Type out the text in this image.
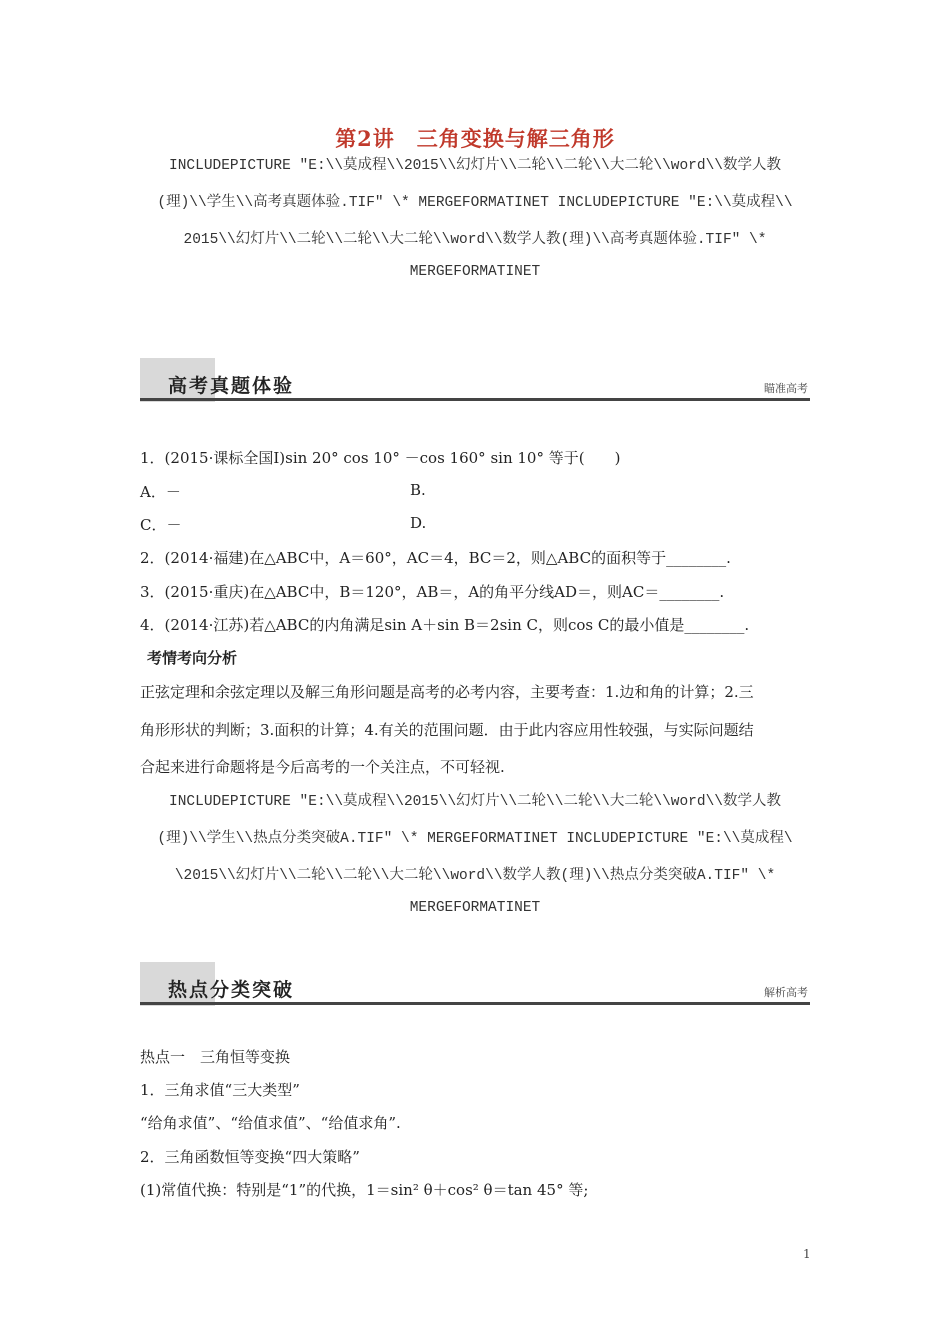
第2讲　三角变换与解三角形
INCLUDEPICTURE "E:\\莫成程\\2015\\幻灯片\\二轮\\二轮\\大二轮\\word\\数学人教
(理)\\学生\\高考真题体验.TIF" \* MERGEFORMATINET INCLUDEPICTURE "E:\\莫成程\\
2015\\幻灯片\\二轮\\二轮\\大二轮\\word\\数学人教(理)\\高考真题体验.TIF" \*
MERGEFORMATINET
高考真题体验	瞄准高考
1．(2015·课标全国Ⅰ)sin 20° cos 10° －cos 160° sin 10° 等于(　　)
A．－	B.
C．－	D.
2．(2014·福建)在△ABC中，A＝60°，AC＝4，BC＝2，则△ABC的面积等于________.
3．(2015·重庆)在△ABC中，B＝120°，AB＝，A的角平分线AD＝，则AC＝________.
4．(2014·江苏)若△ABC的内角满足sin A＋sin B＝2sin C，则cos C的最小值是________.
考情考向分析
正弦定理和余弦定理以及解三角形问题是高考的必考内容，主要考查：1.边和角的计算；2.三
角形形状的判断；3.面积的计算；4.有关的范围问题．由于此内容应用性较强，与实际问题结
合起来进行命题将是今后高考的一个关注点，不可轻视.
INCLUDEPICTURE "E:\\莫成程\\2015\\幻灯片\\二轮\\二轮\\大二轮\\word\\数学人教
(理)\\学生\\热点分类突破A.TIF" \* MERGEFORMATINET INCLUDEPICTURE "E:\\莫成程\
\2015\\幻灯片\\二轮\\二轮\\大二轮\\word\\数学人教(理)\\热点分类突破A.TIF" \*
MERGEFORMATINET
热点分类突破	解析高考
热点一　三角恒等变换
1．三角求值“三大类型”
“给角求值”、“给值求值”、“给值求角”.
2．三角函数恒等变换“四大策略”
(1)常值代换：特别是“1”的代换，1＝sin² θ＋cos² θ＝tan 45° 等;
1
